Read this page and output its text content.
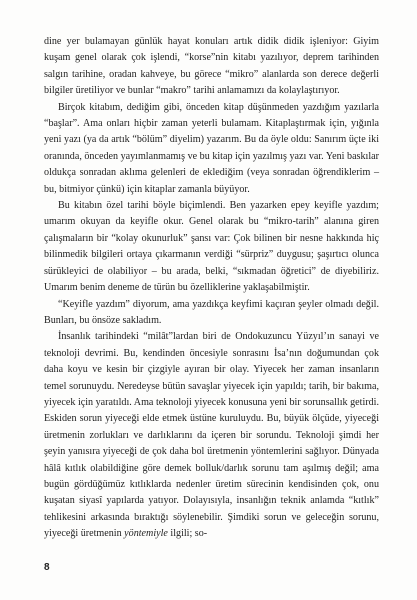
dine yer bulamayan günlük hayat konuları artık didik didik işleniyor: Giyim kuşam genel olarak çok işlendi, “korse”nin kitabı yazılıyor, deprem tarihinden salgın tarihine, oradan kahveye, bu görece “mikro” alanlarda son derece değerli bilgiler üretiliyor ve bunlar “makro” tarihi anlamamızı da kolaylaştırıyor.

Birçok kitabım, dediğim gibi, önceden kitap düşünmeden yazdığım yazılarla “başlar”. Ama onları hiçbir zaman yeterli bulamam. Kitaplaştırmak için, yığınla yeni yazı (ya da artık “bölüm” diyelim) yazarım. Bu da öyle oldu: Sanırım üçte iki oranında, önceden yayımlanmamış ve bu kitap için yazılmış yazı var. Yeni baskılar oldukça sonradan aklıma gelenleri de eklediğim (veya sonradan öğrendiklerim – bu, bitmiyor çünkü) için kitaplar zamanla büyüyor.

Bu kitabın özel tarihi böyle biçimlendi. Ben yazarken epey keyifle yazdım; umarım okuyan da keyifle okur. Genel olarak bu “mikro-tarih” alanına giren çalışmaların bir “kolay okunurluk” şansı var: Çok bilinen bir nesne hakkında hiç bilinmedik bilgileri ortaya çıkarmanın verdiği “sürpriz” duygusu; şaşırtıcı olunca sürükleyici de olabiliyor – bu arada, belki, “sıkmadan öğretici” de diyebiliriz. Umarım benim deneme de türün bu özelliklerine yaklaşabilmiştir.

“Keyifle yazdım” diyorum, ama yazdıkça keyfimi kaçıran şeyler olmadı değil. Bunları, bu önsöze sakladım.

İnsanlık tarihindeki “milât”lardan biri de Ondokuzuncu Yüzyıl’ın sanayi ve teknoloji devrimi. Bu, kendinden öncesiyle sonrasını İsa’nın doğumundan çok daha koyu ve kesin bir çizgiyle ayıran bir olay. Yiyecek her zaman insanların temel sorunuydu. Neredeyse bütün savaşlar yiyecek için yapıldı; tarih, bir bakıma, yiyecek için yaratıldı. Ama teknoloji yiyecek konusuna yeni bir sorunsallık getirdi. Eskiden sorun yiyeceği elde etmek üstüne kuruluydu. Bu, büyük ölçüde, yiyeceği üretmenin zorlukları ve darlıklarını da içeren bir sorundu. Teknoloji şimdi her şeyin yanısıra yiyeceği de çok daha bol üretmenin yöntemlerini sağlıyor. Dünyada hâlâ kıtlık olabildiğine göre demek bolluk/darlık sorunu tam aşılmış değil; ama bugün gördüğümüz kıtlıklarda nedenler üretim sürecinin kendisinden çok, onu kuşatan siyasî yapılarda yatıyor. Dolayısıyla, insanlığın teknik anlamda “kıtlık” tehlikesini arkasında bıraktığı söylenebilir. Şimdiki sorun ve geleceğin sorunu, yiyeceği üretmenin yöntemiyle ilgili; so-

8
